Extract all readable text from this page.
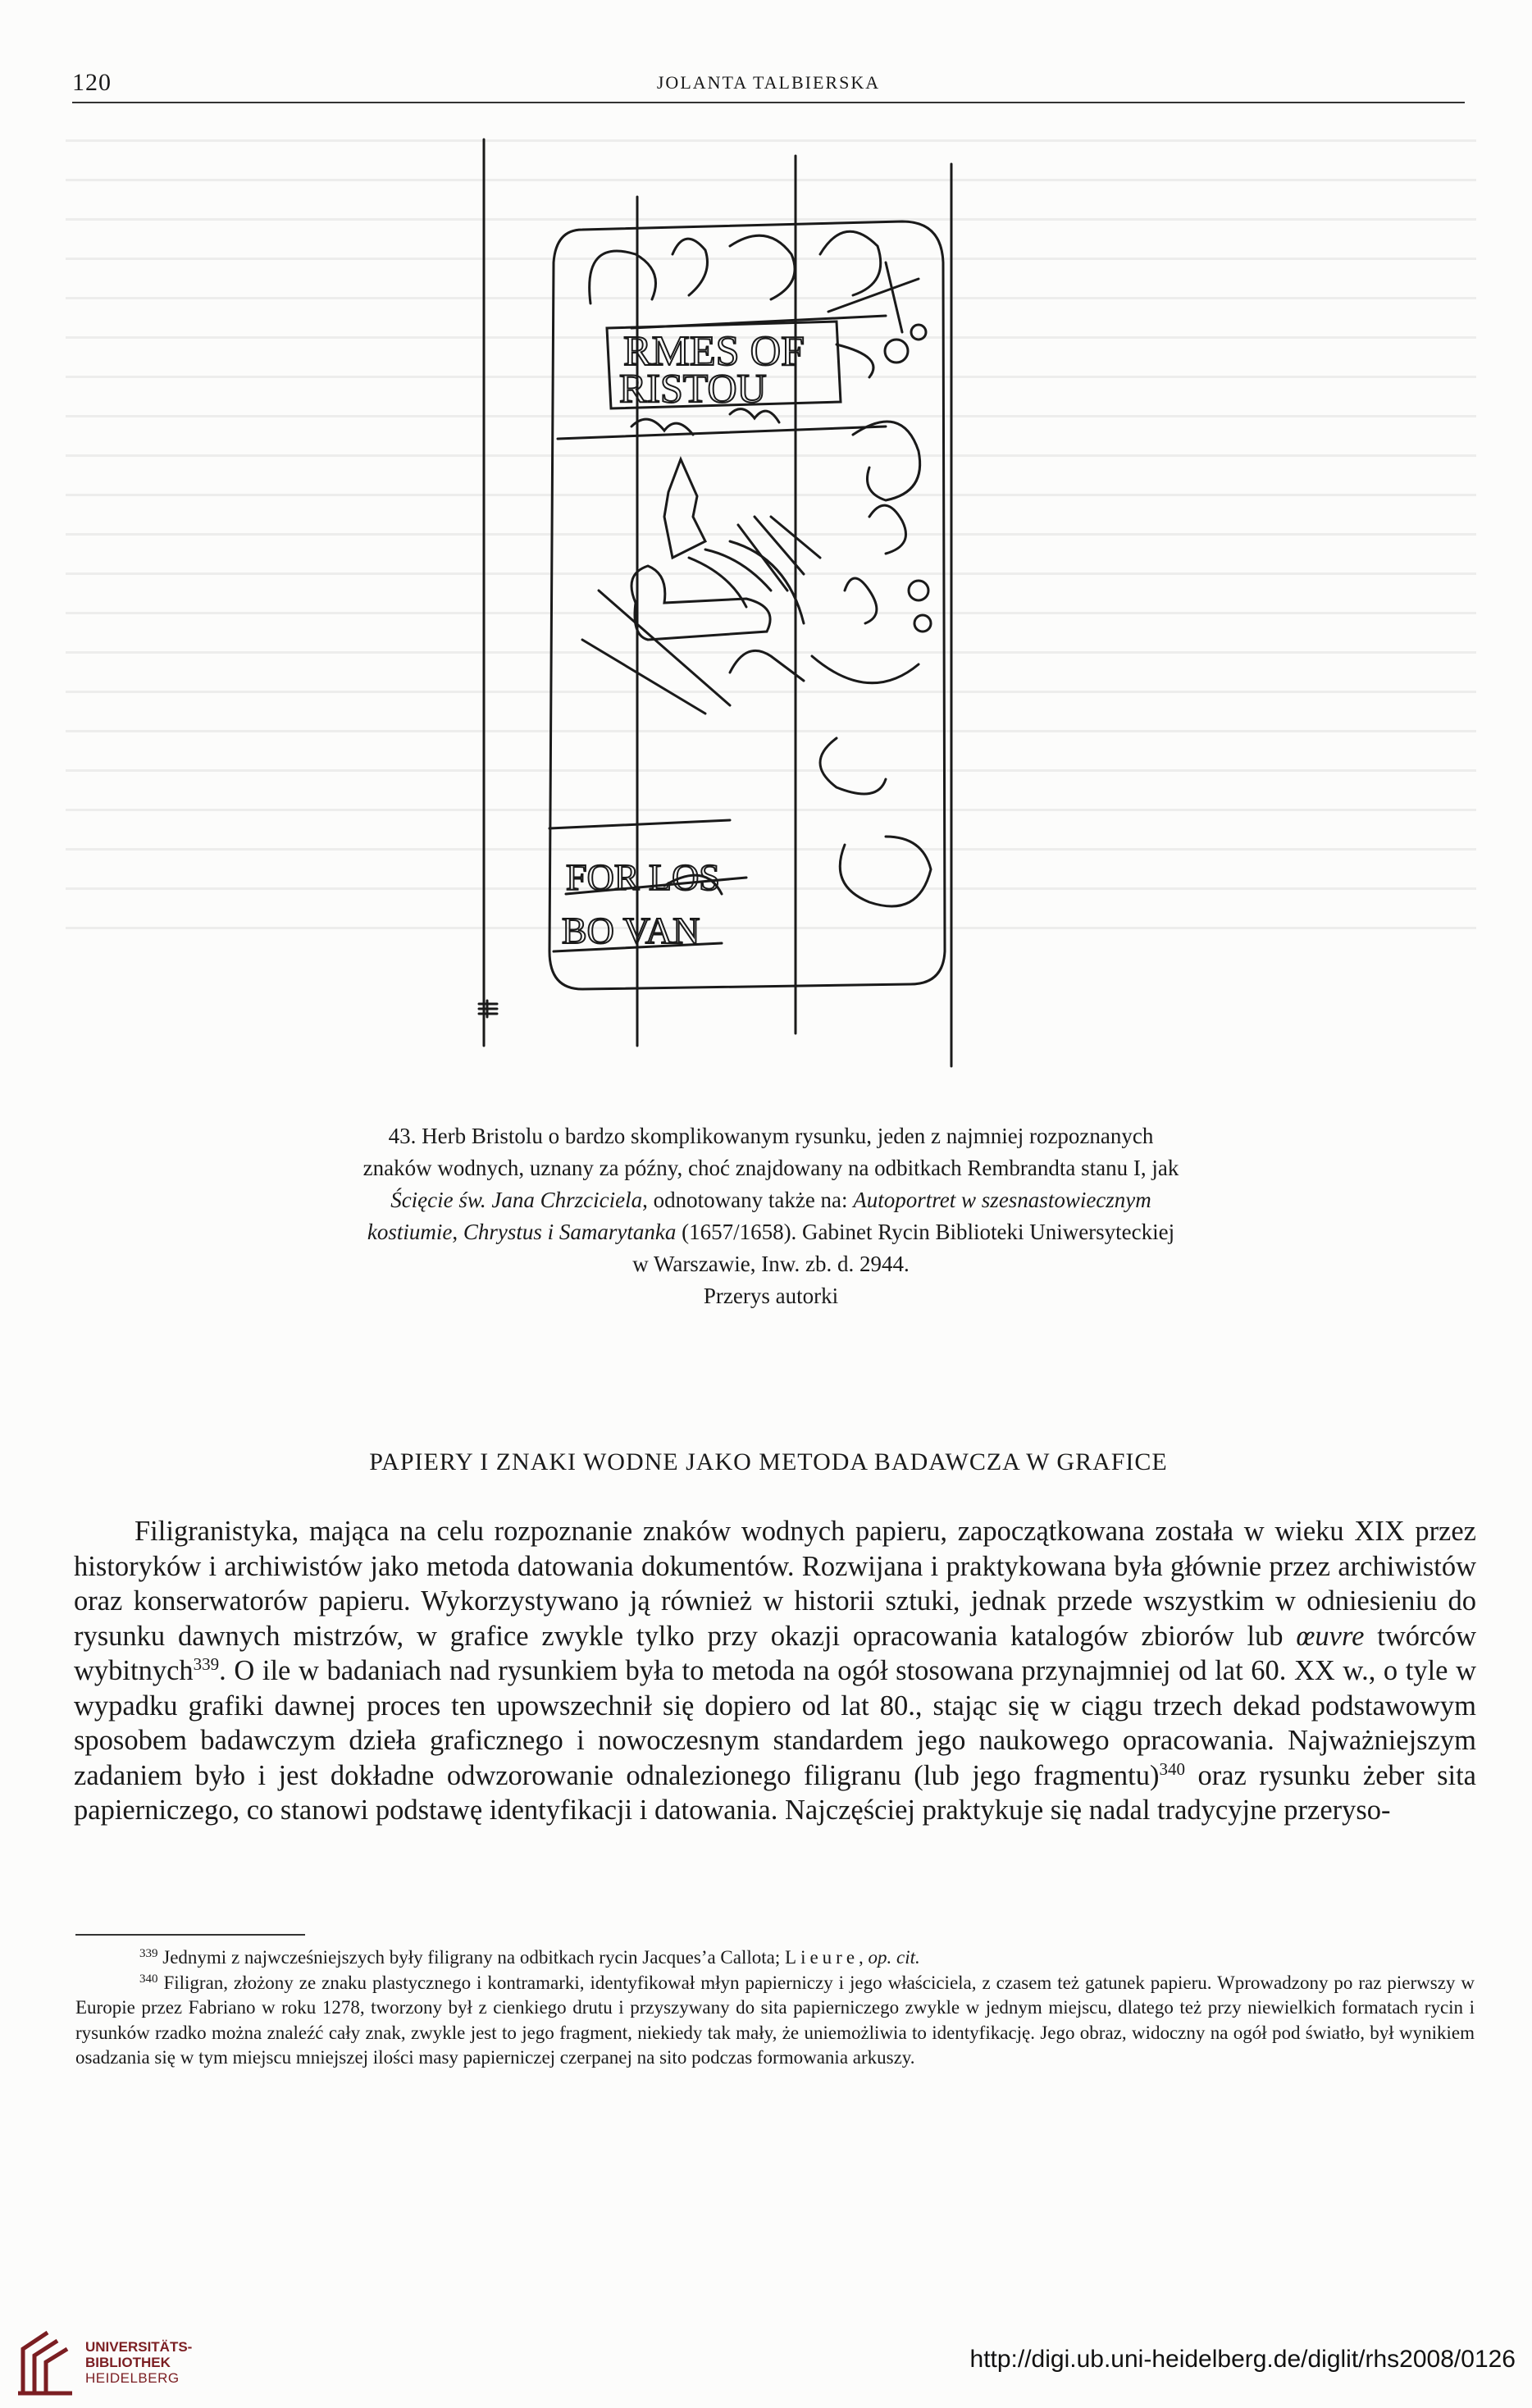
120	JOLANTA TALBIERSKA
RMES OF
RISTOU
FOR LOS
BO VAN
43. Herb Bristolu o bardzo skomplikowanym rysunku, jeden z najmniej rozpoznanych znaków wodnych, uznany za późny, choć znajdowany na odbitkach Rembrandta stanu I, jak Ścięcie św. Jana Chrzciciela, odnotowany także na: Autoportret w szesnastowiecznym kostiumie, Chrystus i Samarytanka (1657/1658). Gabinet Rycin Biblioteki Uniwersyteckiej w Warszawie, Inw. zb. d. 2944.
Przerys autorki
PAPIERY I ZNAKI WODNE JAKO METODA BADAWCZA W GRAFICE

Filigranistyka, mająca na celu rozpoznanie znaków wodnych papieru, zapoczątkowana została w wieku XIX przez historyków i archiwistów jako metoda datowania dokumentów. Rozwijana i praktykowana była głównie przez archiwistów oraz konserwatorów papieru. Wykorzystywano ją również w historii sztuki, jednak przede wszystkim w odniesieniu do rysunku dawnych mistrzów, w grafice zwykle tylko przy okazji opracowania katalogów zbiorów lub œuvre twórców wybitnych$^{339}$. O ile w badaniach nad rysunkiem była to metoda na ogół stosowana przynajmniej od lat 60. XX w., o tyle w wypadku grafiki dawnej proces ten upowszechnił się dopiero od lat 80., stając się w ciągu trzech dekad podstawowym sposobem badawczym dzieła graficznego i nowoczesnym standardem jego naukowego opracowania. Najważniejszym zadaniem było i jest dokładne odwzorowanie odnalezionego filigranu (lub jego fragmentu)$^{340}$ oraz rysunku żeber sita papierniczego, co stanowi podstawę identyfikacji i datowania. Najczęściej praktykuje się nadal tradycyjne przeryso-

$^{339}$ Jednymi z najwcześniejszych były filigrany na odbitkach rycin Jacques’a Callota; Lieure, op. cit.

$^{340}$ Filigran, złożony ze znaku plastycznego i kontramarki, identyfikował młyn papierniczy i jego właściciela, z czasem też gatunek papieru. Wprowadzony po raz pierwszy w Europie przez Fabriano w roku 1278, tworzony był z cienkiego drutu i przyszywany do sita papierniczego zwykle w jednym miejscu, dlatego też przy niewielkich formatach rycin i rysunków rzadko można znaleźć cały znak, zwykle jest to jego fragment, niekiedy tak mały, że uniemożliwia to identyfikację. Jego obraz, widoczny na ogół pod światło, był wynikiem osadzania się w tym miejscu mniejszej ilości masy papierniczej czerpanej na sito podczas formowania arkuszy.

UNIVERSITÄTS-
BIBLIOTHEK
HEIDELBERG
http://digi.ub.uni-heidelberg.de/diglit/rhs2008/0126
